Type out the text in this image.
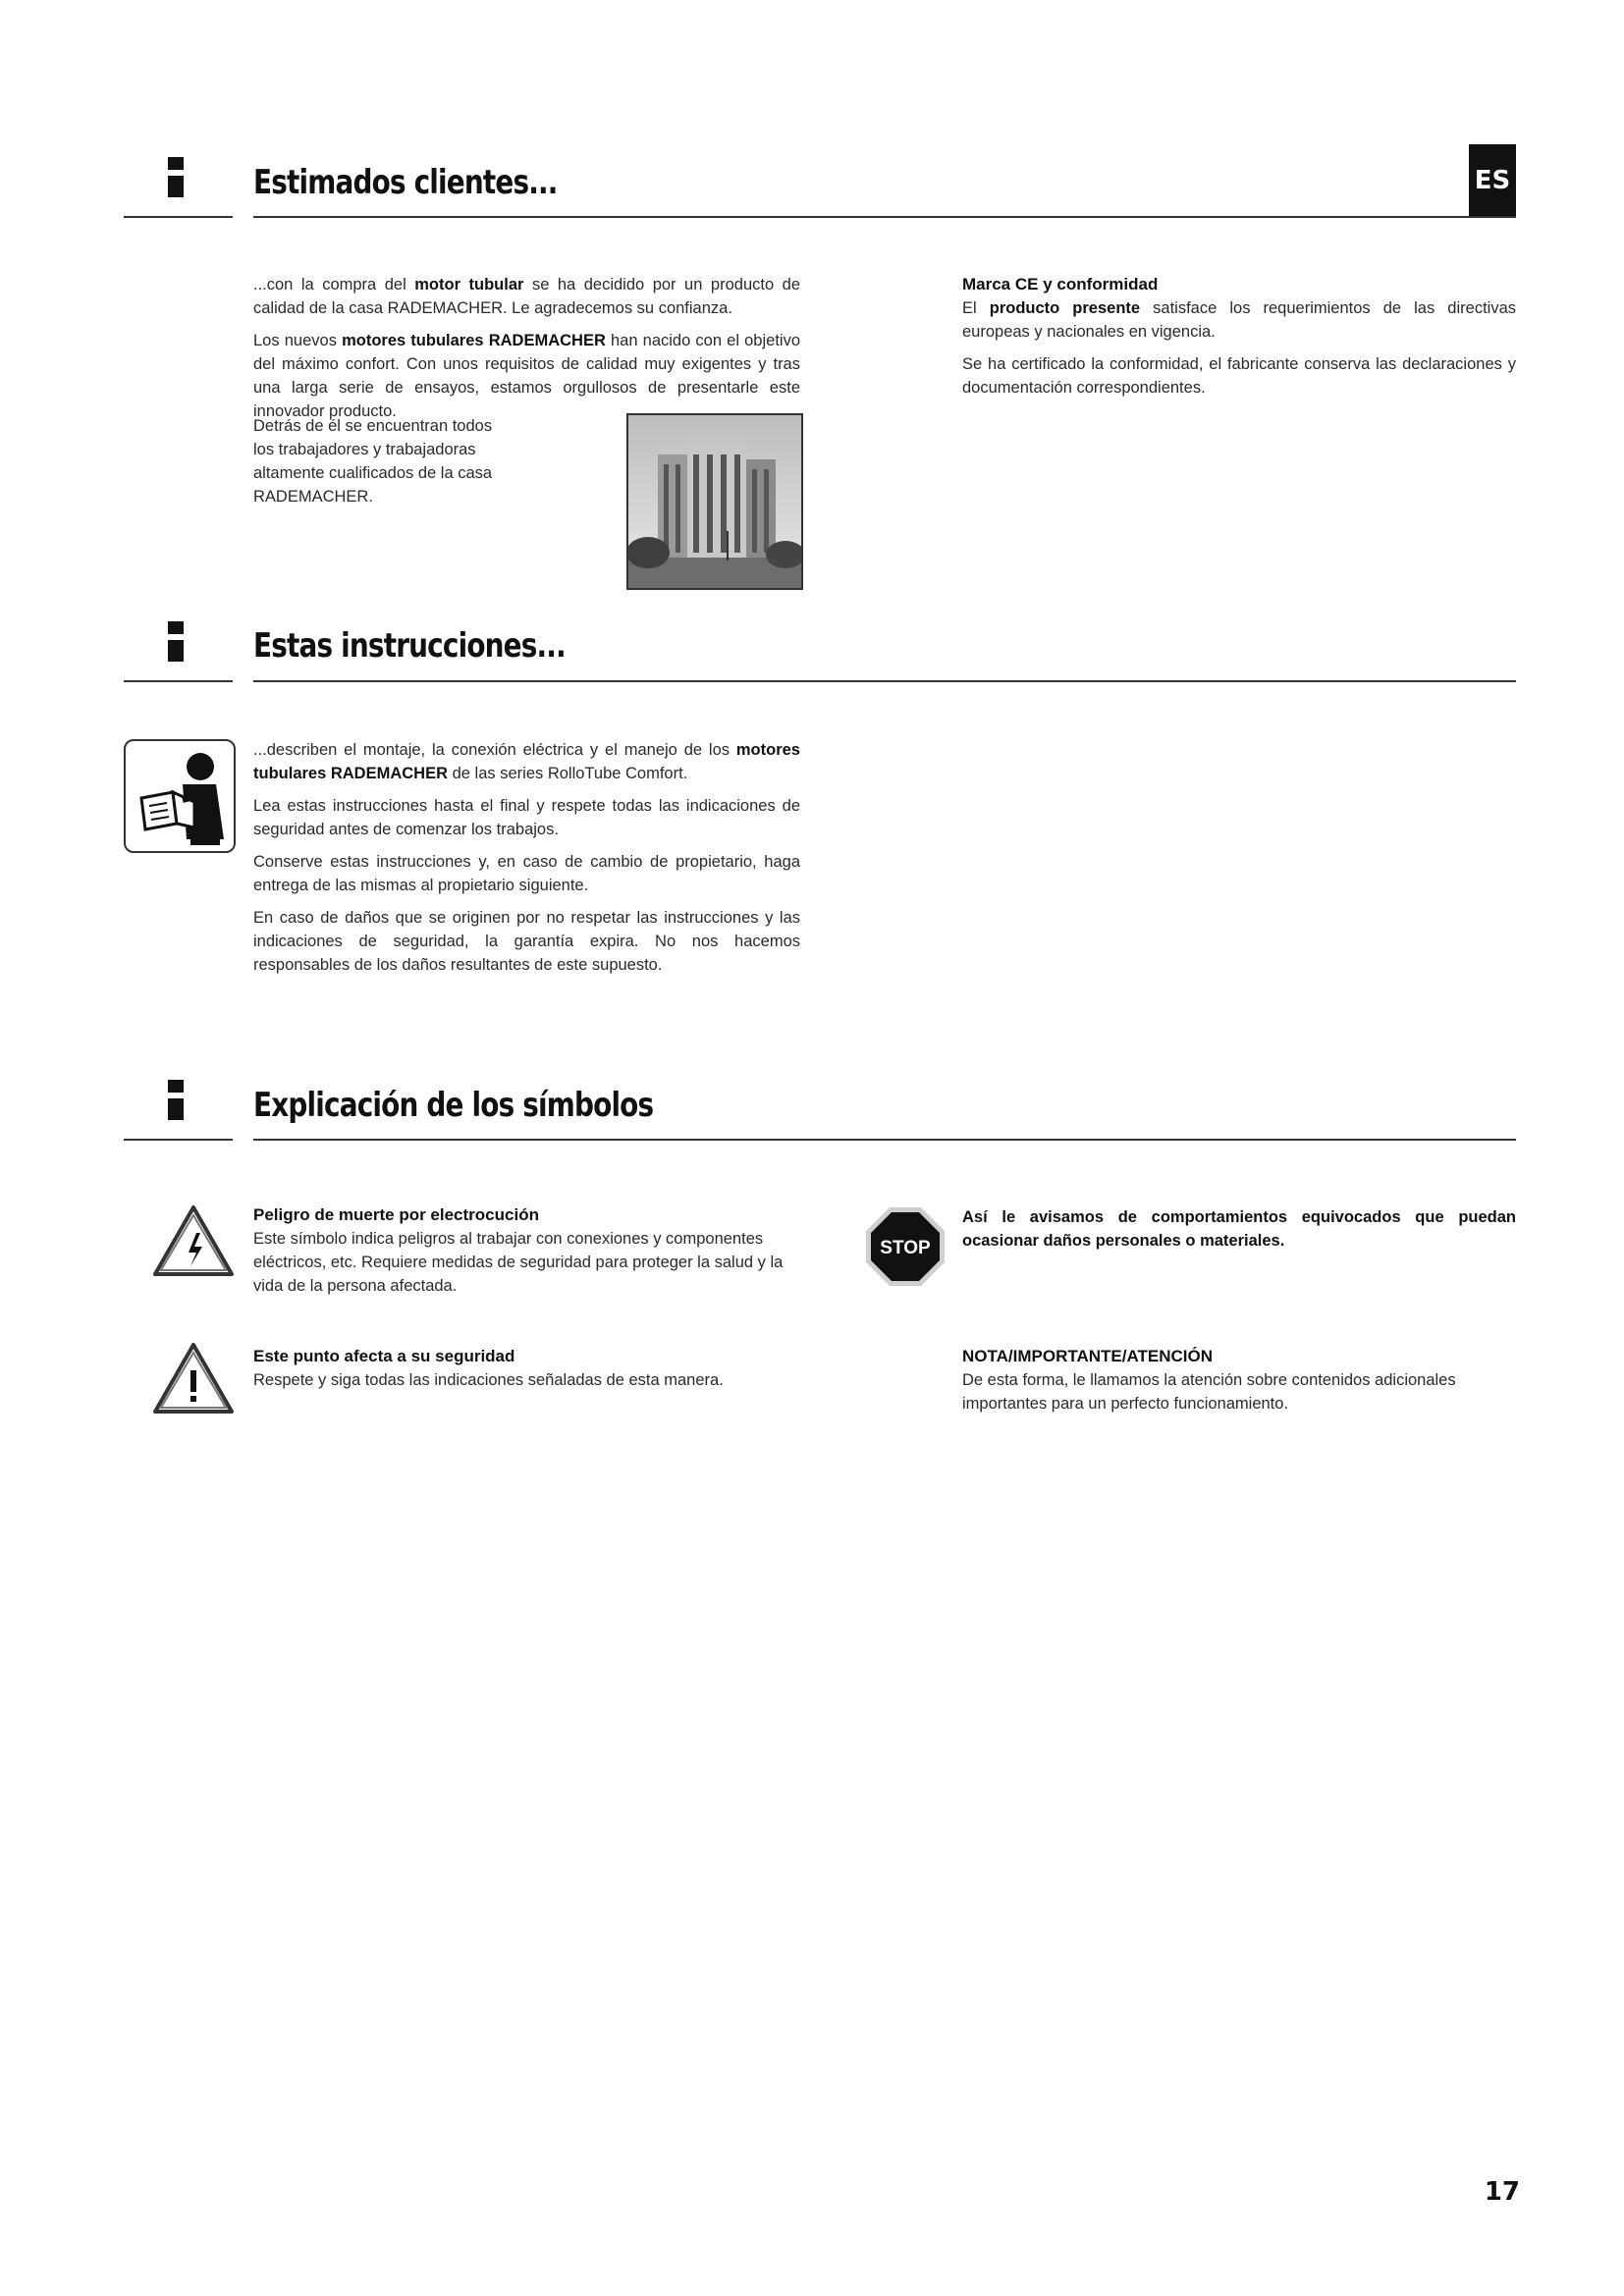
ES
Estimados clientes...

...con la compra del motor tubular se ha decidido por un producto de calidad de la casa RADEMACHER. Le agradecemos su confianza.

Los nuevos motores tubulares RADEMACHER han nacido con el objetivo del máximo confort. Con unos requisitos de calidad muy exigentes y tras una larga serie de ensayos, estamos orgullosos de presentarle este innovador producto.

Detrás de él se encuentran todos los trabajadores y trabajadoras altamente cualificados de la casa RADEMACHER.
Marca CE y conformidad

El producto presente satisface los requerimientos de las directivas europeas y nacionales en vigencia.

Se ha certificado la conformidad, el fabricante conserva las declaraciones y documentación correspondientes.

Estas instrucciones...

...describen el montaje, la conexión eléctrica y el manejo de los motores tubulares RADEMACHER de las series RolloTube Comfort.

Lea estas instrucciones hasta el final y respete todas las indicaciones de seguridad antes de comenzar los trabajos.

Conserve estas instrucciones y, en caso de cambio de propietario, haga entrega de las mismas al propietario siguiente.

En caso de daños que se originen por no respetar las instrucciones y las indicaciones de seguridad, la garantía expira. No nos hacemos responsables de los daños resultantes de este supuesto.

Explicación de los símbolos
Peligro de muerte por electrocución
Este símbolo indica peligros al trabajar con conexiones y componentes eléctricos, etc. Requiere medidas de seguridad para proteger la salud y la vida de la persona afectada.
Este punto afecta a su seguridad
Respete y siga todas las indicaciones señaladas de esta manera.
STOP
Así le avisamos de comportamientos equivocados que puedan ocasionar daños personales o materiales.
NOTA/IMPORTANTE/ATENCIÓN
De esta forma, le llamamos la atención sobre contenidos adicionales importantes para un perfecto funcionamiento.
17
